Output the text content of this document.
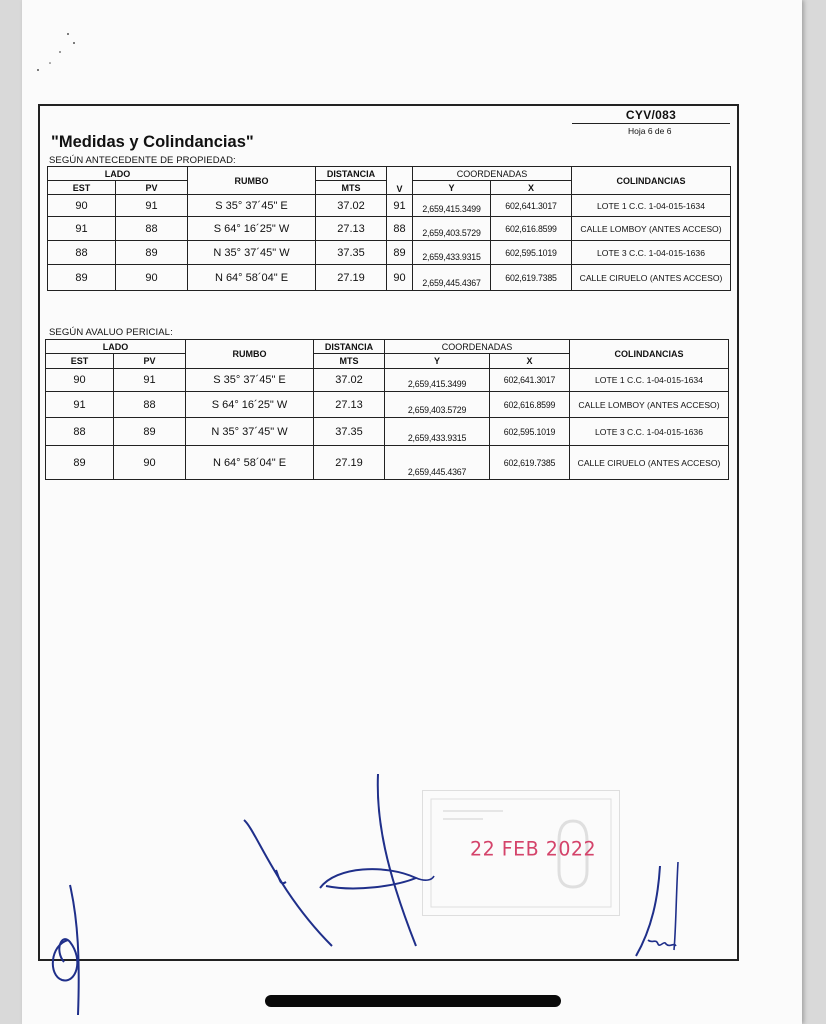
CYV/083
Hoja 6 de 6
"Medidas y Colindancias"
SEGÚN ANTECEDENTE DE PROPIEDAD:
LADO		RUMBO	DISTANCIA	V	COORDENADAS		COLINDANCIAS
EST	PV		MTS		Y	X	
90	91	S 35° 37´45" E	37.02	91	2,659,415.3499	602,641.3017	LOTE 1 C.C. 1-04-015-1634
91	88	S 64° 16´25" W	27.13	88	2,659,403.5729	602,616.8599	CALLE LOMBOY (ANTES ACCESO)
88	89	N 35° 37´45" W	37.35	89	2,659,433.9315	602,595.1019	LOTE 3 C.C. 1-04-015-1636
89	90	N 64° 58´04" E	27.19	90	2,659,445.4367	602,619.7385	CALLE CIRUELO (ANTES ACCESO)
SEGÚN AVALUO PERICIAL:
LADO		RUMBO	DISTANCIA	COORDENADAS		COLINDANCIAS
EST	PV		MTS	Y	X	
90	91	S 35° 37´45" E	37.02	2,659,415.3499	602,641.3017	LOTE 1 C.C. 1-04-015-1634
91	88	S 64° 16´25" W	27.13	2,659,403.5729	602,616.8599	CALLE LOMBOY (ANTES ACCESO)
88	89	N 35° 37´45" W	37.35	2,659,433.9315	602,595.1019	LOTE 3 C.C. 1-04-015-1636
89	90	N 64° 58´04" E	27.19	2,659,445.4367	602,619.7385	CALLE CIRUELO (ANTES ACCESO)
22 FEB 2022
